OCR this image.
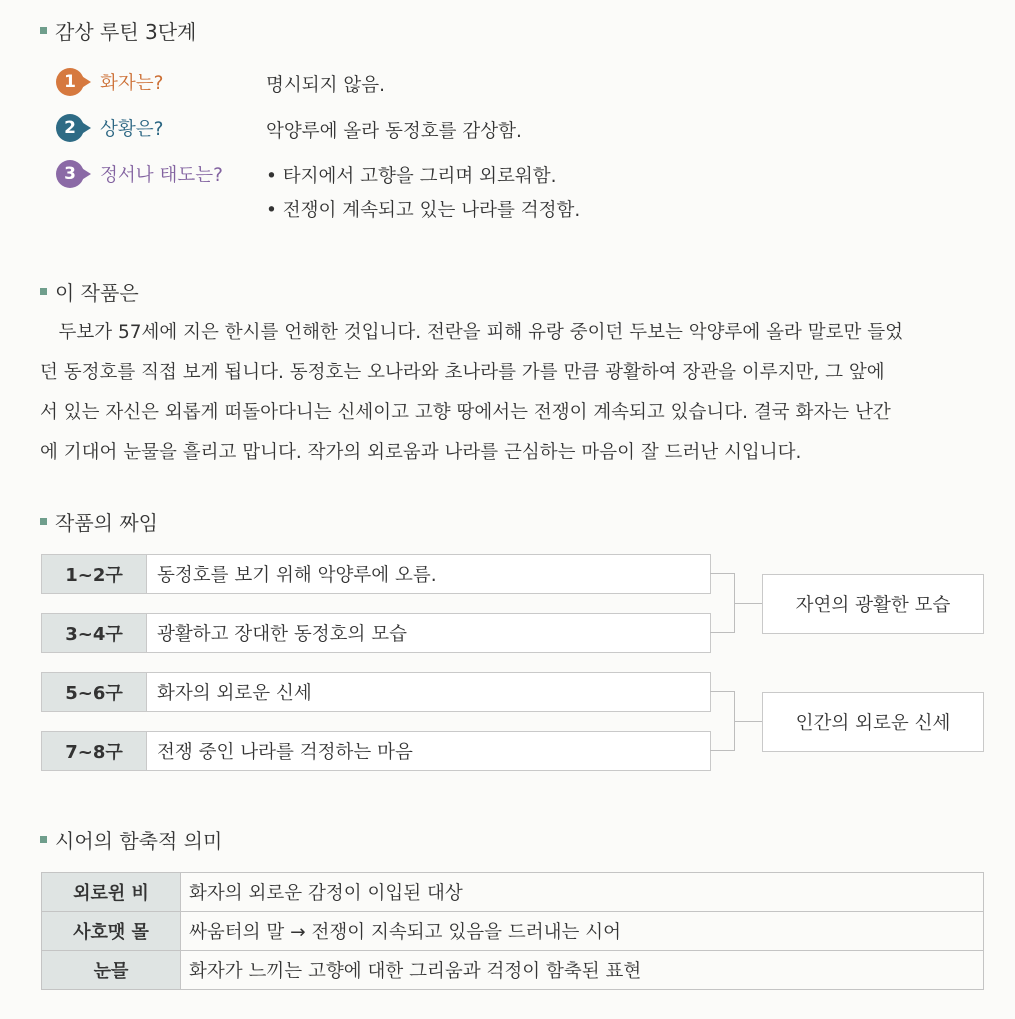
감상 루틴 3단계
1	화자는?	명시되지 않음.
2	상황은?	악양루에 올라 동정호를 감상함.
3	정서나 태도는? • 타지에서 고향을 그리며 외로워함.
• 전쟁이 계속되고 있는 나라를 걱정함.
이 작품은
　두보가 57세에 지은 한시를 언해한 것입니다. 전란을 피해 유랑 중이던 두보는 악양루에 올라 말로만 들었
던 동정호를 직접 보게 됩니다. 동정호는 오나라와 초나라를 가를 만큼 광활하여 장관을 이루지만, 그 앞에
서 있는 자신은 외롭게 떠돌아다니는 신세이고 고향 땅에서는 전쟁이 계속되고 있습니다. 결국 화자는 난간
에 기대어 눈물을 흘리고 맙니다. 작가의 외로움과 나라를 근심하는 마음이 잘 드러난 시입니다.
작품의 짜임
1~2구	동정호를 보기 위해 악양루에 오름.
3~4구	광활하고 장대한 동정호의 모습
5~6구	화자의 외로운 신세
7~8구	전쟁 중인 나라를 걱정하는 마음
자연의 광활한 모습
인간의 외로운 신세
시어의 함축적 의미
외로윈 비	화자의 외로운 감정이 이입된 대상
사호맷 몰	싸움터의 말 → 전쟁이 지속되고 있음을 드러내는 시어
눈믈	화자가 느끼는 고향에 대한 그리움과 걱정이 함축된 표현
